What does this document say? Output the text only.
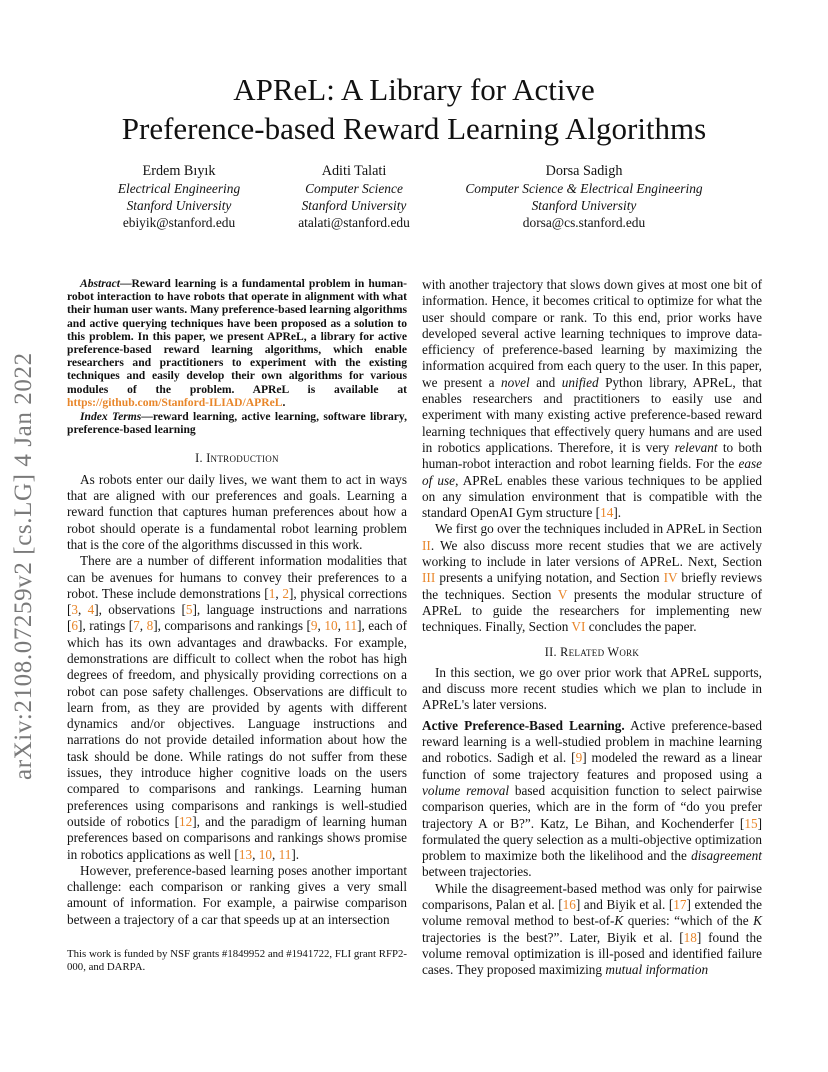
APReL: A Library for Active
Preference-based Reward Learning Algorithms
Erdem Bıyık
Electrical Engineering
Stanford University
ebiyik@stanford.edu
Aditi Talati
Computer Science
Stanford University
atalati@stanford.edu
Dorsa Sadigh
Computer Science & Electrical Engineering
Stanford University
dorsa@cs.stanford.edu
arXiv:2108.07259v2 [cs.LG] 4 Jan 2022

Abstract—Reward learning is a fundamental problem in human-robot interaction to have robots that operate in alignment with what their human user wants. Many preference-based learning algorithms and active querying techniques have been proposed as a solution to this problem. In this paper, we present APReL, a library for active preference-based reward learning algorithms, which enable researchers and practitioners to experiment with the existing techniques and easily develop their own algorithms for various modules of the problem. APReL is available at https://github.com/Stanford-ILIAD/APReL.

Index Terms—reward learning, active learning, software library, preference-based learning

I. Introduction

As robots enter our daily lives, we want them to act in ways that are aligned with our preferences and goals. Learning a reward function that captures human preferences about how a robot should operate is a fundamental robot learning problem that is the core of the algorithms discussed in this work.

There are a number of different information modalities that can be avenues for humans to convey their preferences to a robot. These include demonstrations [1, 2], physical corrections [3, 4], observations [5], language instructions and narrations [6], ratings [7, 8], comparisons and rankings [9, 10, 11], each of which has its own advantages and drawbacks. For example, demonstrations are difficult to collect when the robot has high degrees of freedom, and physically providing corrections on a robot can pose safety challenges. Observations are difficult to learn from, as they are provided by agents with different dynamics and/or objectives. Language instructions and narrations do not provide detailed information about how the task should be done. While ratings do not suffer from these issues, they introduce higher cognitive loads on the users compared to comparisons and rankings. Learning human preferences using comparisons and rankings is well-studied outside of robotics [12], and the paradigm of learning human preferences based on comparisons and rankings shows promise in robotics applications as well [13, 10, 11].

However, preference-based learning poses another important challenge: each comparison or ranking gives a very small amount of information. For example, a pairwise comparison between a trajectory of a car that speeds up at an intersection

This work is funded by NSF grants #1849952 and #1941722, FLI grant RFP2-000, and DARPA.

with another trajectory that slows down gives at most one bit of information. Hence, it becomes critical to optimize for what the user should compare or rank. To this end, prior works have developed several active learning techniques to improve data-efficiency of preference-based learning by maximizing the information acquired from each query to the user. In this paper, we present a novel and unified Python library, APReL, that enables researchers and practitioners to easily use and experiment with many existing active preference-based reward learning techniques that effectively query humans and are used in robotics applications. Therefore, it is very relevant to both human-robot interaction and robot learning fields. For the ease of use, APReL enables these various techniques to be applied on any simulation environment that is compatible with the standard OpenAI Gym structure [14].

We first go over the techniques included in APReL in Section II. We also discuss more recent studies that we are actively working to include in later versions of APReL. Next, Section III presents a unifying notation, and Section IV briefly reviews the techniques. Section V presents the modular structure of APReL to guide the researchers for implementing new techniques. Finally, Section VI concludes the paper.

II. Related Work

In this section, we go over prior work that APReL supports, and discuss more recent studies which we plan to include in APReL's later versions.

Active Preference-Based Learning. Active preference-based reward learning is a well-studied problem in machine learning and robotics. Sadigh et al. [9] modeled the reward as a linear function of some trajectory features and proposed using a volume removal based acquisition function to select pairwise comparison queries, which are in the form of “do you prefer trajectory A or B?”. Katz, Le Bihan, and Kochenderfer [15] formulated the query selection as a multi-objective optimization problem to maximize both the likelihood and the disagreement between trajectories.

While the disagreement-based method was only for pairwise comparisons, Palan et al. [16] and Biyik et al. [17] extended the volume removal method to best-of-K queries: “which of the K trajectories is the best?”. Later, Biyik et al. [18] found the volume removal optimization is ill-posed and identified failure cases. They proposed maximizing mutual information
